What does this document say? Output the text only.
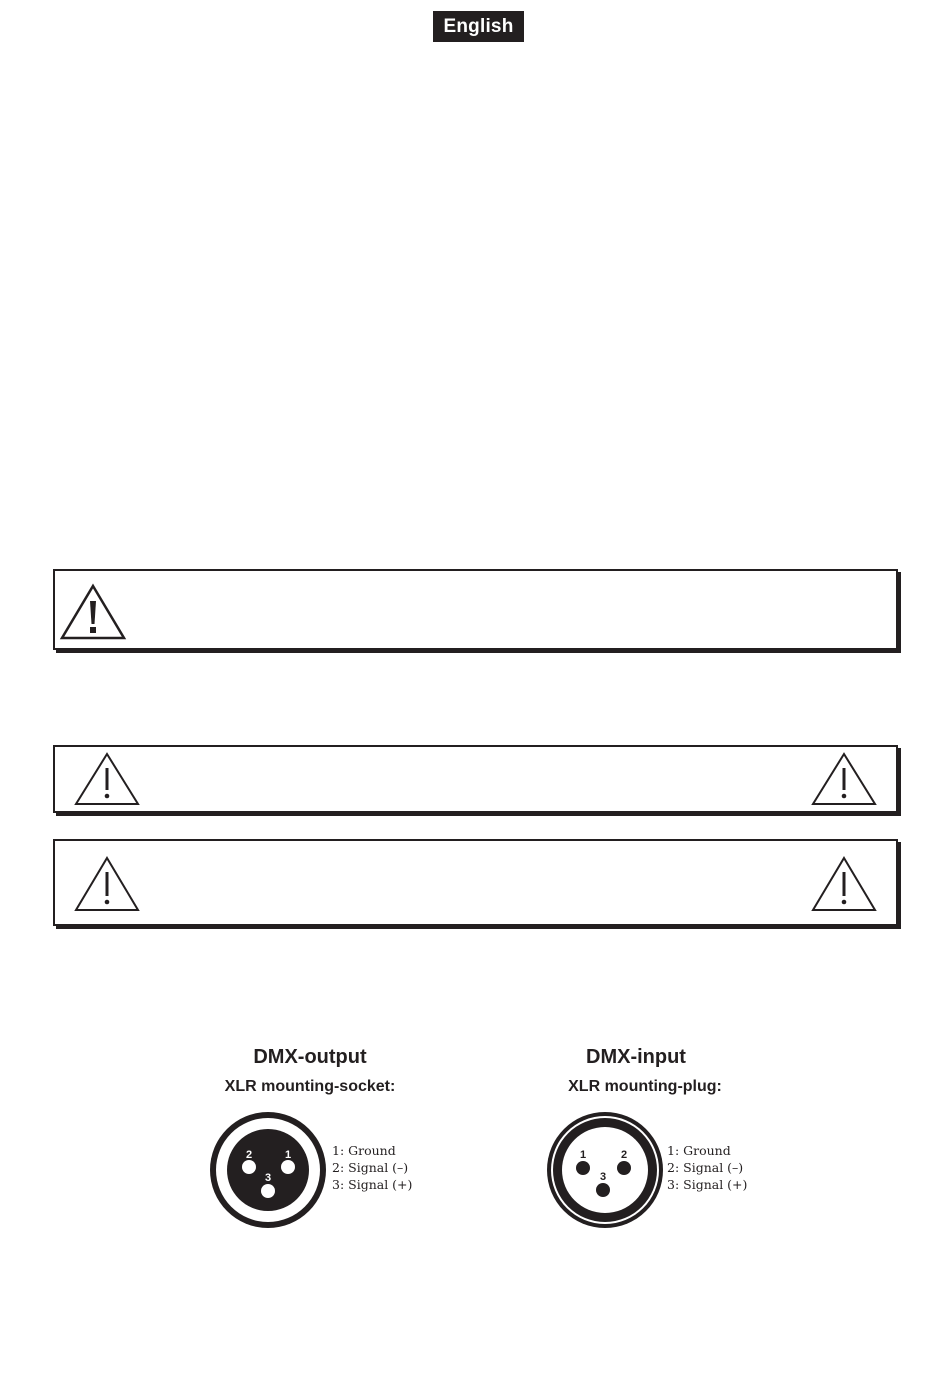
English
DMX-output
XLR mounting-socket:
2	1
3
1: Ground
2: Signal (–)
3: Signal (+)
DMX-input
XLR mounting-plug:
1	2
3
1: Ground
2: Signal (–)
3: Signal (+)
